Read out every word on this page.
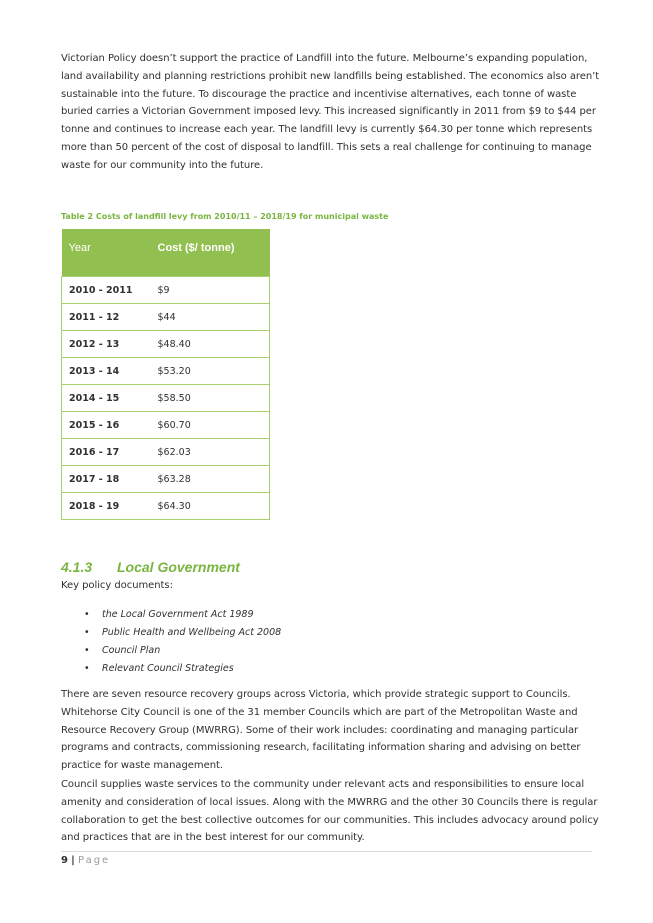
Victorian Policy doesn’t support the practice of Landfill into the future. Melbourne’s expanding population, land availability and planning restrictions prohibit new landfills being established. The economics also aren’t sustainable into the future. To discourage the practice and incentivise alternatives, each tonne of waste buried carries a Victorian Government imposed levy. This increased significantly in 2011 from $9 to $44 per tonne and continues to increase each year. The landfill levy is currently $64.30 per tonne which represents more than 50 percent of the cost of disposal to landfill. This sets a real challenge for continuing to manage waste for our community into the future.

Table 2 Costs of landfill levy from 2010/11 – 2018/19 for municipal waste

Year	Cost ($/ tonne)
2010 - 2011	$9
2011 - 12	$44
2012 - 13	$48.40
2013 - 14	$53.20
2014 - 15	$58.50
2015 - 16	$60.70
2016 - 17	$62.03
2017 - 18	$63.28
2018 - 19	$64.30
4.1.3 Local Government

Key policy documents:

• the Local Government Act 1989
• Public Health and Wellbeing Act 2008
• Council Plan
• Relevant Council Strategies

There are seven resource recovery groups across Victoria, which provide strategic support to Councils. Whitehorse City Council is one of the 31 member Councils which are part of the Metropolitan Waste and Resource Recovery Group (MWRRG). Some of their work includes: coordinating and managing particular programs and contracts, commissioning research, facilitating information sharing and advising on better practice for waste management.

Council supplies waste services to the community under relevant acts and responsibilities to ensure local amenity and consideration of local issues. Along with the MWRRG and the other 30 Councils there is regular collaboration to get the best collective outcomes for our communities. This includes advocacy around policy and practices that are in the best interest for our community.

9 | Page
